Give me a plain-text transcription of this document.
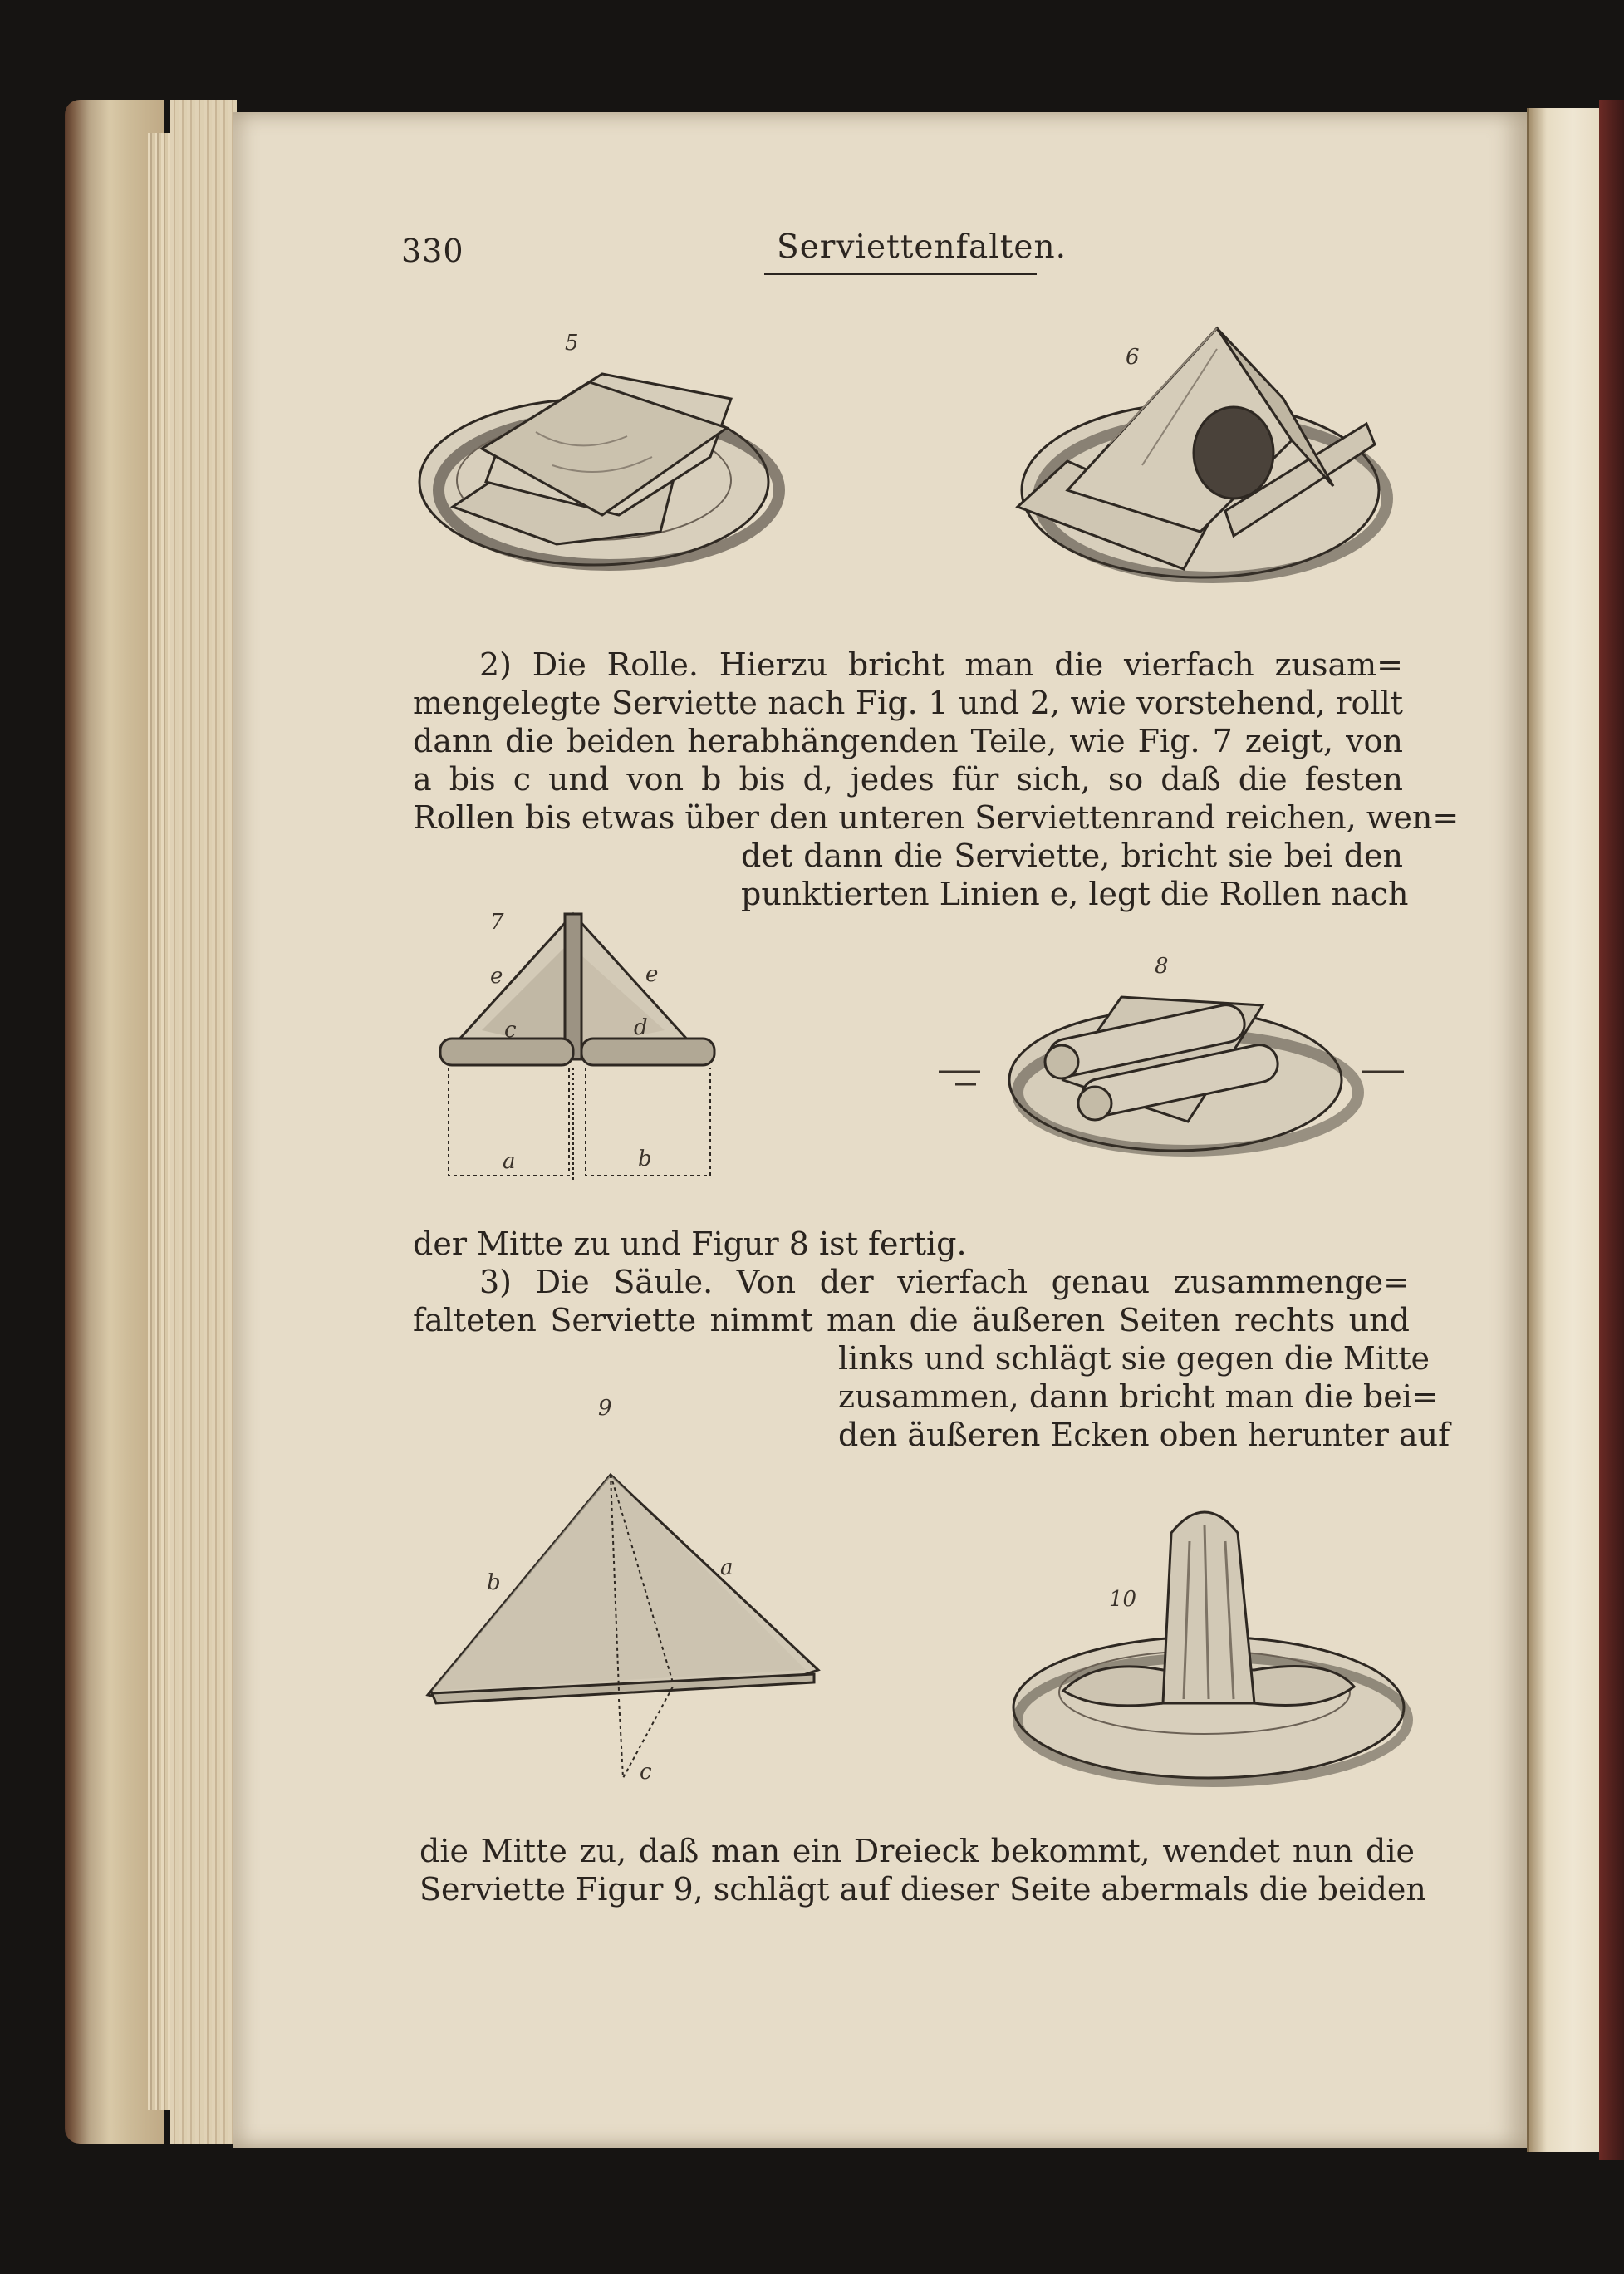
330	Serviettenfalten.
5
6
2) Die Rolle. Hierzu bricht man die vierfach zusam=
mengelegte Serviette nach Fig. 1 und 2, wie vorstehend, rollt
dann die beiden herabhängenden Teile, wie Fig. 7 zeigt, von
a bis c und von b bis d, jedes für sich, so daß die festen
Rollen bis etwas über den unteren Serviettenrand reichen, wen=
det dann die Serviette, bricht sie bei den
punktierten Linien e, legt die Rollen nach
7
e	e
c	d
a	b
8
der Mitte zu und Figur 8 ist fertig.
3) Die Säule. Von der vierfach genau zusammenge=
falteten Serviette nimmt man die äußeren Seiten rechts und
links und schlägt sie gegen die Mitte
zusammen, dann bricht man die bei=
den äußeren Ecken oben herunter auf
9
b
a
c
10
die Mitte zu, daß man ein Dreieck bekommt, wendet nun die
Serviette Figur 9, schlägt auf dieser Seite abermals die beiden
